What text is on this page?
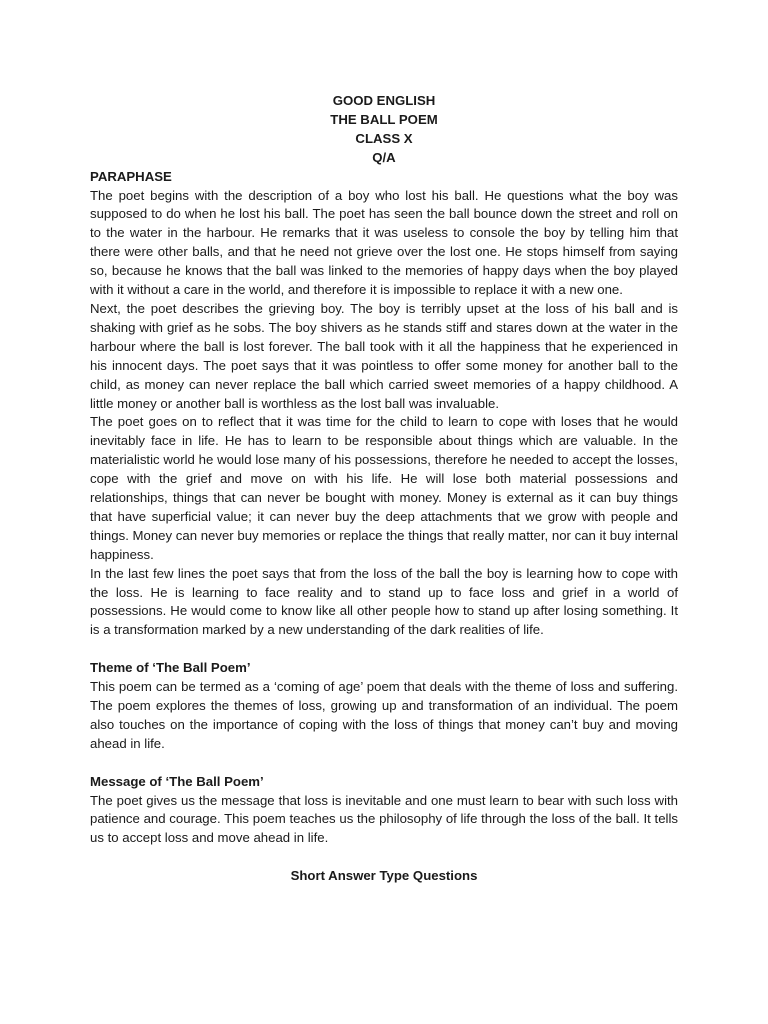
GOOD ENGLISH

THE BALL POEM

CLASS X

Q/A

PARAPHASE

The poet begins with the description of a boy who lost his ball. He questions what the boy was supposed to do when he lost his ball. The poet has seen the ball bounce down the street and roll on to the water in the harbour. He remarks that it was useless to console the boy by telling him that there were other balls, and that he need not grieve over the lost one. He stops himself from saying so, because he knows that the ball was linked to the memories of happy days when the boy played with it without a care in the world, and therefore it is impossible to replace it with a new one.

Next, the poet describes the grieving boy. The boy is terribly upset at the loss of his ball and is shaking with grief as he sobs. The boy shivers as he stands stiff and stares down at the water in the harbour where the ball is lost forever. The ball took with it all the happiness that he experienced in his innocent days. The poet says that it was pointless to offer some money for another ball to the child, as money can never replace the ball which carried sweet memories of a happy childhood. A little money or another ball is worthless as the lost ball was invaluable.

The poet goes on to reflect that it was time for the child to learn to cope with loses that he would inevitably face in life. He has to learn to be responsible about things which are valuable. In the materialistic world he would lose many of his possessions, therefore he needed to accept the losses, cope with the grief and move on with his life. He will lose both material possessions and relationships, things that can never be bought with money. Money is external as it can buy things that have superficial value; it can never buy the deep attachments that we grow with people and things. Money can never buy memories or replace the things that really matter, nor can it buy internal happiness.

In the last few lines the poet says that from the loss of the ball the boy is learning how to cope with the loss. He is learning to face reality and to stand up to face loss and grief in a world of possessions. He would come to know like all other people how to stand up after losing something. It is a transformation marked by a new understanding of the dark realities of life.

Theme of ‘The Ball Poem’

This poem can be termed as a ‘coming of age’ poem that deals with the theme of loss and suffering. The poem explores the themes of loss, growing up and transformation of an individual. The poem also touches on the importance of coping with the loss of things that money can’t buy and moving ahead in life.

Message of ‘The Ball Poem’

The poet gives us the message that loss is inevitable and one must learn to bear with such loss with patience and courage. This poem teaches us the philosophy of life through the loss of the ball. It tells us to accept loss and move ahead in life.

Short Answer Type Questions
